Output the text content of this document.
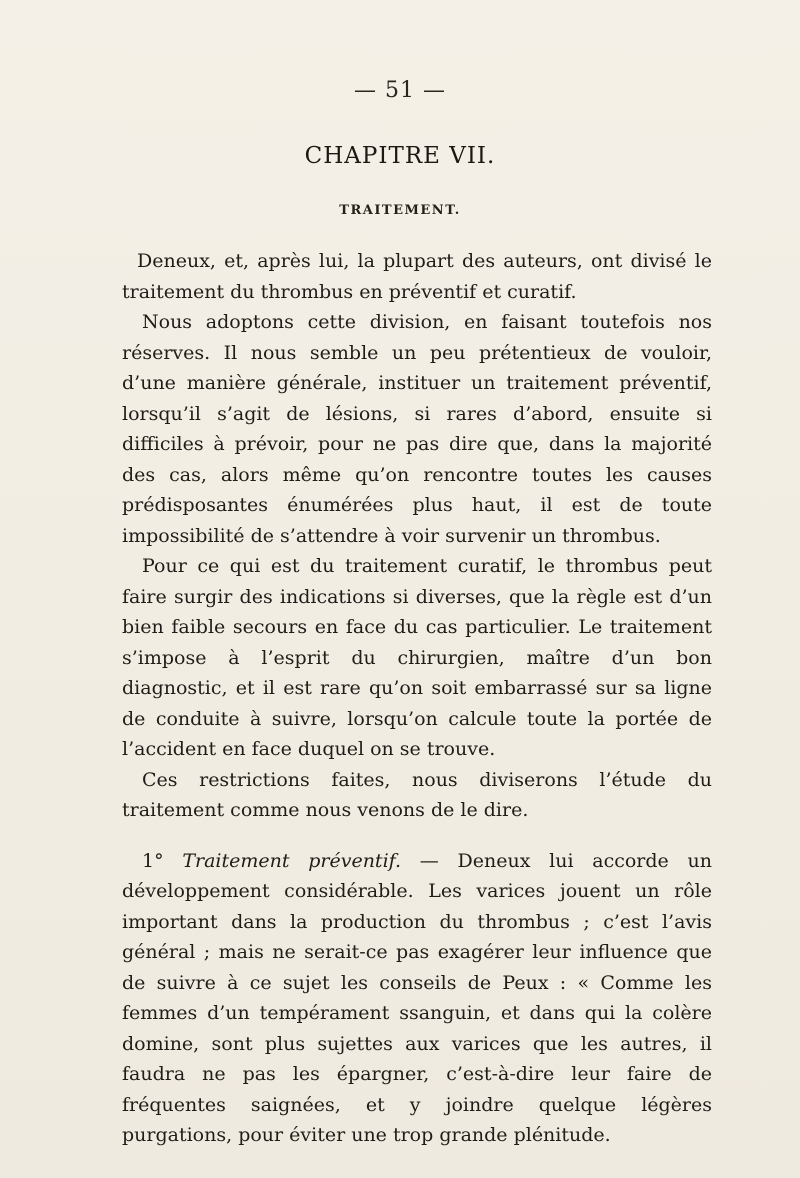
— 51 —
CHAPITRE VII.
TRAITEMENT.

Deneux, et, après lui, la plupart des auteurs, ont divisé le traitement du thrombus en préventif et curatif.

Nous adoptons cette division, en faisant toutefois nos réserves. Il nous semble un peu prétentieux de vouloir, d’une manière générale, instituer un traitement préventif, lorsqu’il s’agit de lésions, si rares d’abord, ensuite si difficiles à prévoir, pour ne pas dire que, dans la majorité des cas, alors même qu’on rencontre toutes les causes prédisposantes énumérées plus haut, il est de toute impossibilité de s’attendre à voir survenir un thrombus.

Pour ce qui est du traitement curatif, le thrombus peut faire surgir des indications si diverses, que la règle est d’un bien faible secours en face du cas particulier. Le traitement s’impose à l’esprit du chirurgien, maître d’un bon diagnostic, et il est rare qu’on soit embarrassé sur sa ligne de conduite à suivre, lorsqu’on calcule toute la portée de l’accident en face duquel on se trouve.

Ces restrictions faites, nous diviserons l’étude du traitement comme nous venons de le dire.

1° Traitement préventif. — Deneux lui accorde un développement considérable. Les varices jouent un rôle important dans la production du thrombus ; c’est l’avis général ; mais ne serait-ce pas exagérer leur influence que de suivre à ce sujet les conseils de Peux : « Comme les femmes d’un tempérament ssanguin, et dans qui la colère domine, sont plus sujettes aux varices que les autres, il faudra ne pas les épargner, c’est-à-dire leur faire de fréquentes saignées, et y joindre quelque légères purgations, pour éviter une trop grande plénitude.
